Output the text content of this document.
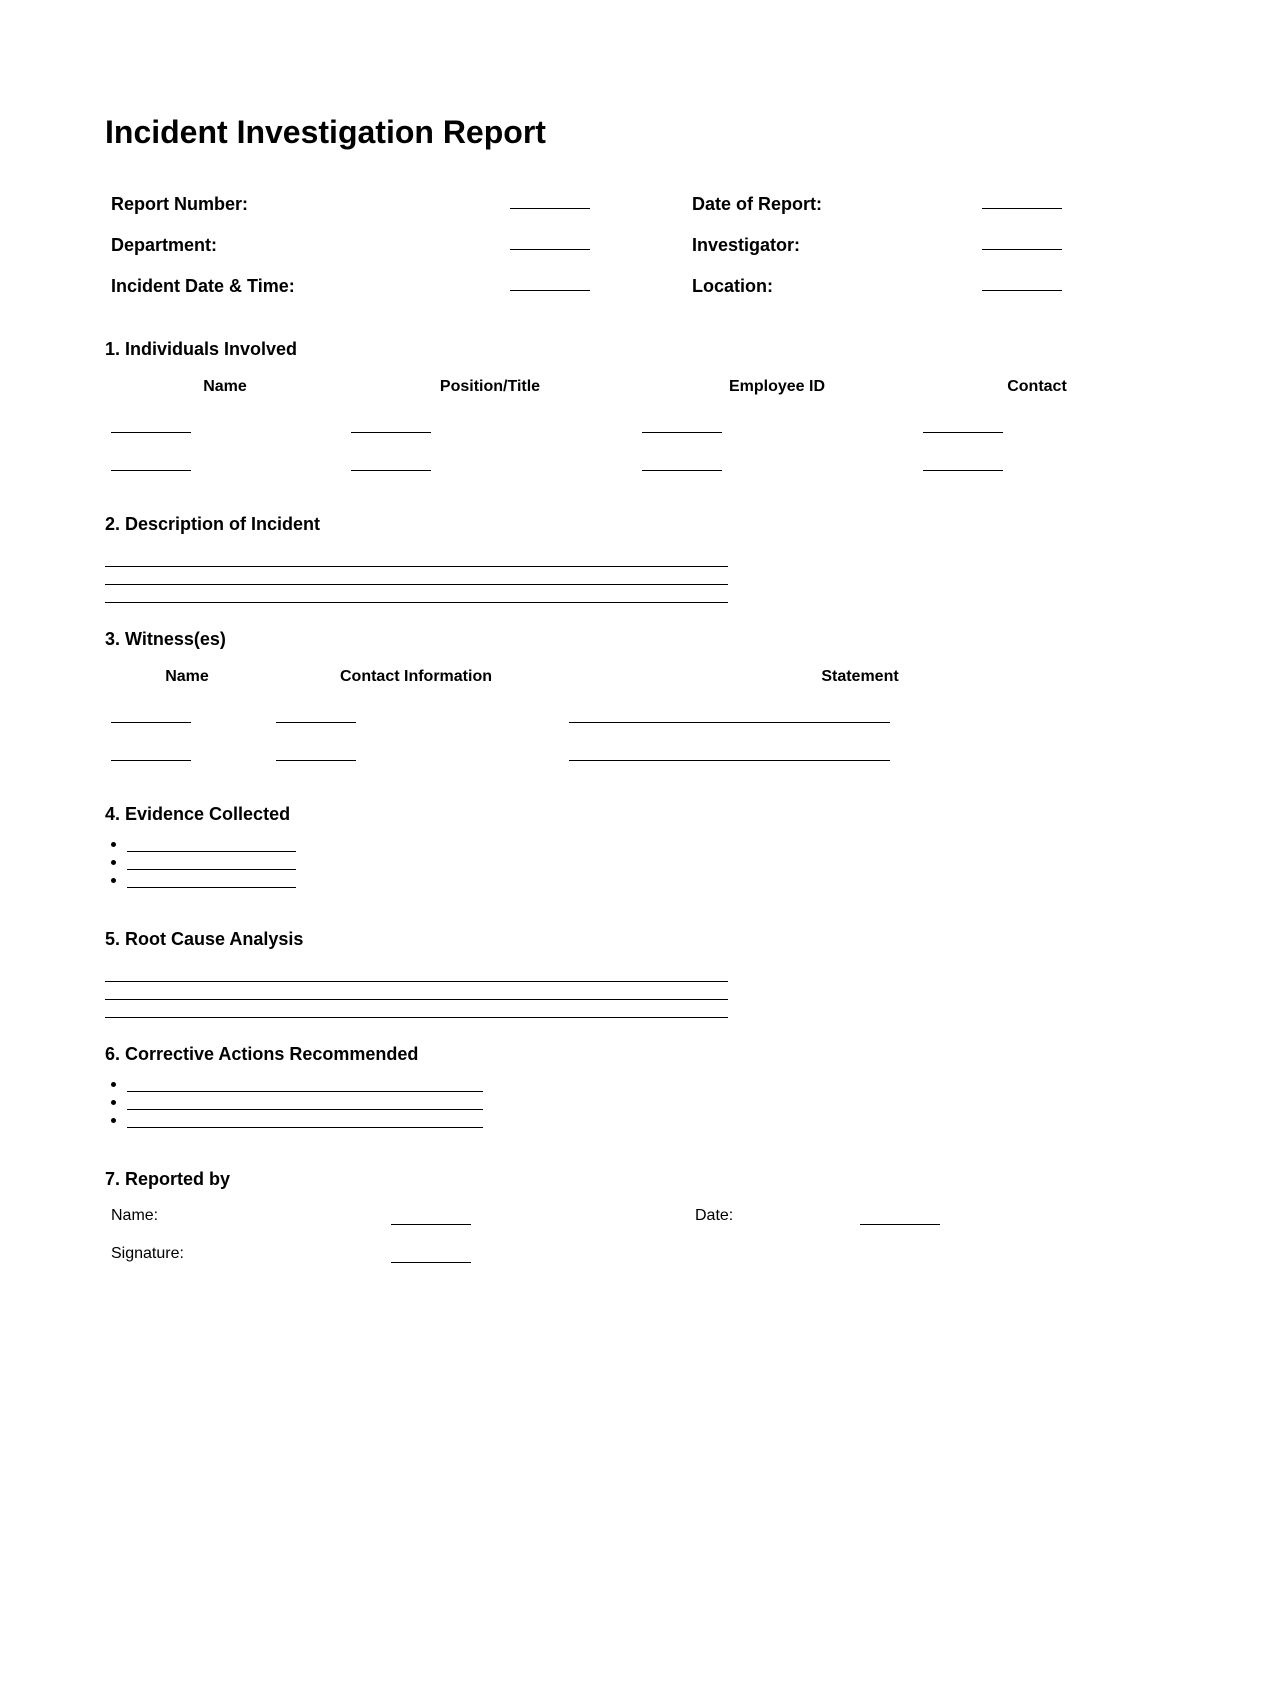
Incident Investigation Report
Report Number:	Date of Report:
Department:	Investigator:
Incident Date & Time:	Location:
1. Individuals Involved
Name	Position/Title	Employee ID	Contact
2. Description of Incident
3. Witness(es)
Name	Contact Information	Statement
4. Evidence Collected
5. Root Cause Analysis
6. Corrective Actions Recommended
7. Reported by
Name:	Date:
Signature:
